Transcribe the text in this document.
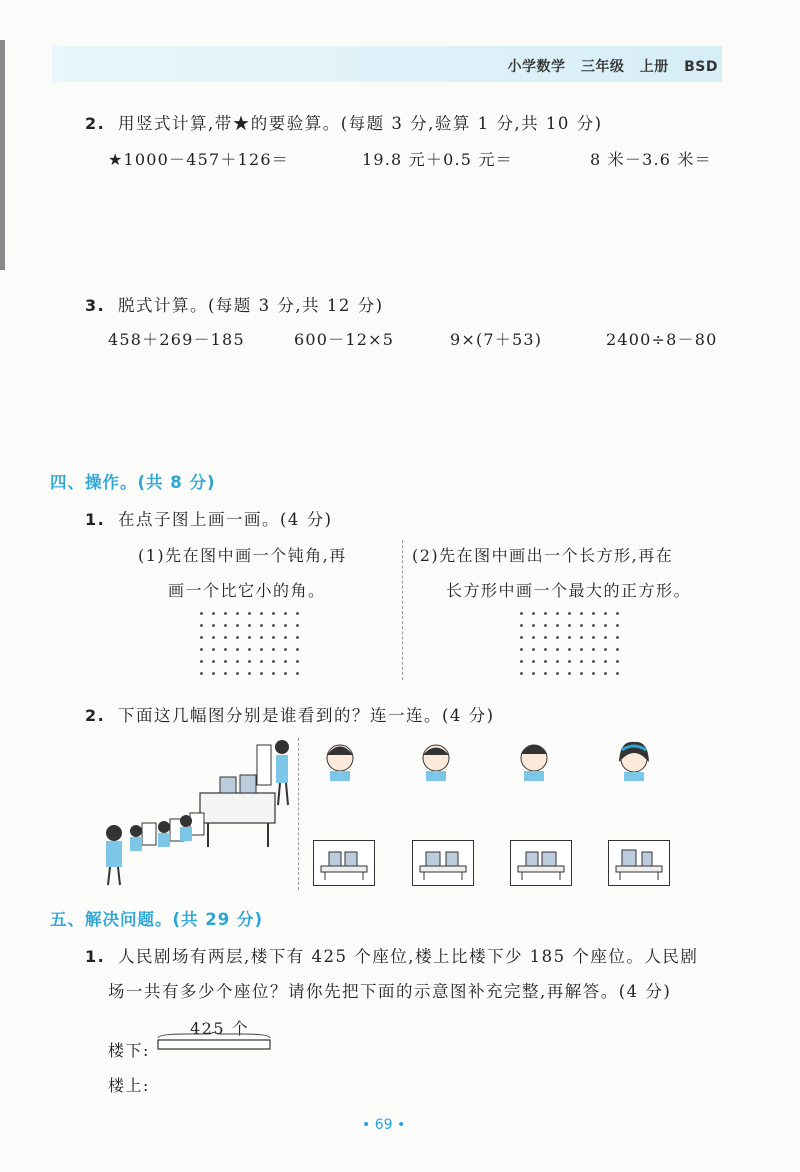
小学数学 三年级 上册 BSD
2. 用竖式计算,带★的要验算。(每题 3 分,验算 1 分,共 10 分)
★1000－457＋126＝	19.8 元＋0.5 元＝	8 米－3.6 米＝
3. 脱式计算。(每题 3 分,共 12 分)
458＋269－185	600－12×5	9×(7＋53)	2400÷8－80
四、操作。(共 8 分)
1. 在点子图上画一画。(4 分)
(1)先在图中画一个钝角,再
画一个比它小的角。
(2)先在图中画出一个长方形,再在
长方形中画一个最大的正方形。
2. 下面这几幅图分别是谁看到的？连一连。(4 分)
五、解决问题。(共 29 分)
1. 人民剧场有两层,楼下有 425 个座位,楼上比楼下少 185 个座位。人民剧
场一共有多少个座位？请你先把下面的示意图补充完整,再解答。(4 分)
425 个
楼下:
楼上:
• 69 •
